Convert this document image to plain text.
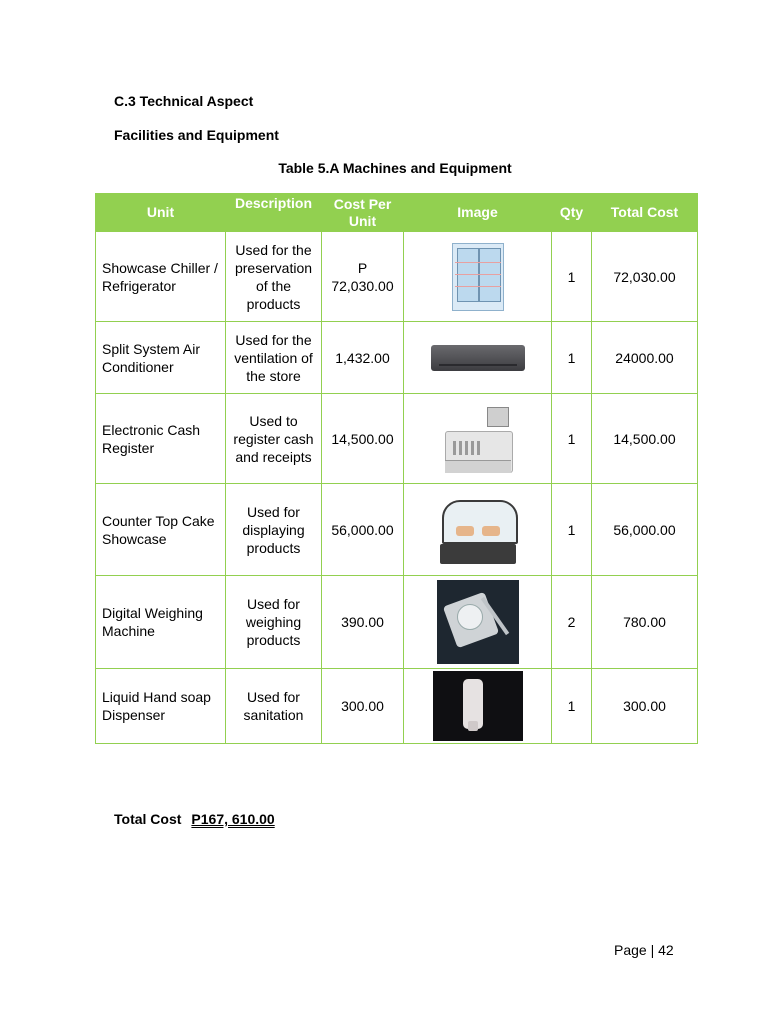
C.3 Technical Aspect
Facilities and Equipment
Table 5.A Machines and Equipment
Unit	Description	Cost Per Unit	Image	Qty	Total Cost
Showcase Chiller / Refrigerator	Used for the preservation of the products	P 72,030.00		1	72,030.00
Split System Air Conditioner	Used for the ventilation of the store	1,432.00		1	24000.00
Electronic Cash Register	Used to register cash and receipts	14,500.00		1	14,500.00
Counter Top Cake Showcase	Used for displaying products	56,000.00		1	56,000.00
Digital Weighing Machine	Used for weighing products	390.00		2	780.00
Liquid Hand soap Dispenser	Used for sanitation	300.00		1	300.00
Total Cost P167, 610.00
Page | 42
